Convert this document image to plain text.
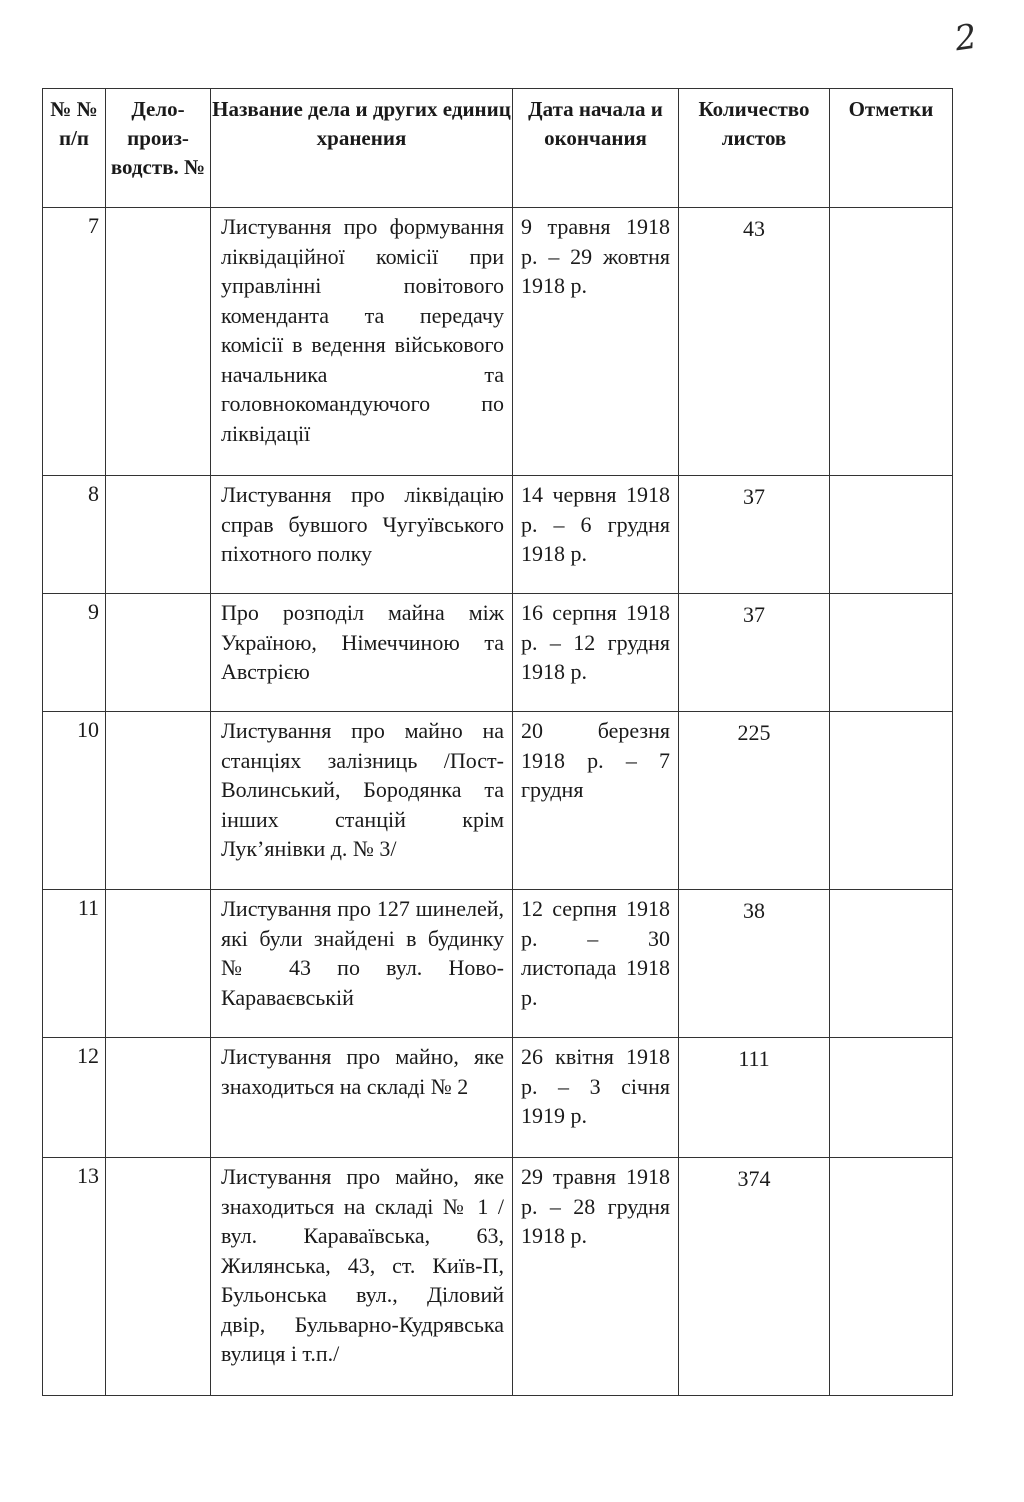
2
№ № п/п	Дело-произ-водств. №	Название дела и других единиц хранения	Дата начала и окончания	Количество листов	Отметки
7		Листування про формування ліквідаційної комісії при управлінні повітового коменданта та передачу комісії в ведення військового начальника та головнокомандуючого по ліквідації	9 травня 1918 р. – 29 жовтня 1918 р.	43	
8		Листування про ліквідацію справ бувшого Чугуївського піхотного полку	14 червня 1918 р. – 6 грудня 1918 р.	37	
9		Про розподіл майна між Україною, Німеччиною та Австрією	16 серпня 1918 р. – 12 грудня 1918 р.	37	
10		Листування про майно на станціях залізниць /Пост-Волинський, Бородянка та інших станцій крім Лук’янівки д. № 3/	20 березня 1918 р. – 7 грудня	225	
11		Листування про 127 шинелей, які були знайдені в будинку № 43 по вул. Ново-Караваєвській	12 серпня 1918 р. – 30 листопада 1918 р.	38	
12		Листування про майно, яке знаходиться на складі № 2	26 квітня 1918 р. – 3 січня 1919 р.	111	
13		Листування про майно, яке знаходиться на складі № 1 /вул. Караваївська, 63, Жилянська, 43, ст. Київ-П, Бульонська вул., Діловий двір, Бульварно-Кудрявська вулиця і т.п./	29 травня 1918 р. – 28 грудня 1918 р.	374	
